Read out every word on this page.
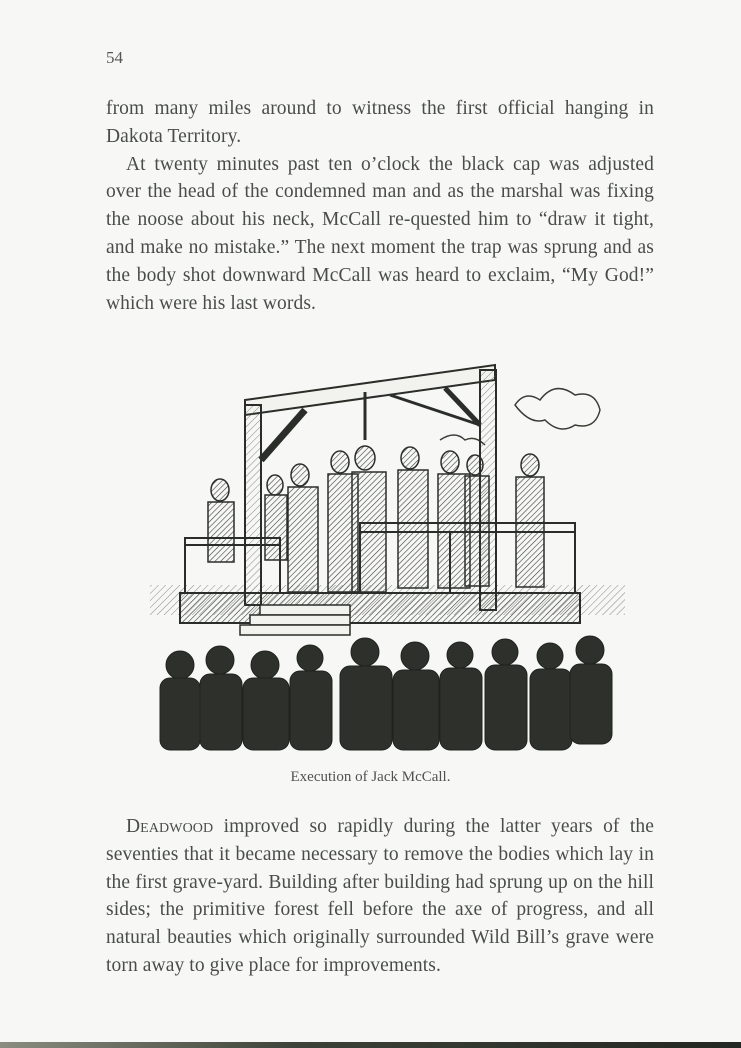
54
from many miles around to witness the first official hanging in Dakota Territory.
At twenty minutes past ten o’clock the black cap was adjusted over the head of the condemned man and as the marshal was fixing the noose about his neck, McCall re-quested him to “draw it tight, and make no mistake.” The next moment the trap was sprung and as the body shot downward McCall was heard to exclaim, “My God!” which were his last words.
Execution of Jack McCall.
Deadwood improved so rapidly during the latter years of the seventies that it became necessary to remove the bodies which lay in the first grave-yard. Building after building had sprung up on the hill sides; the primitive forest fell before the axe of progress, and all natural beauties which originally surrounded Wild Bill’s grave were torn away to give place for improvements.
